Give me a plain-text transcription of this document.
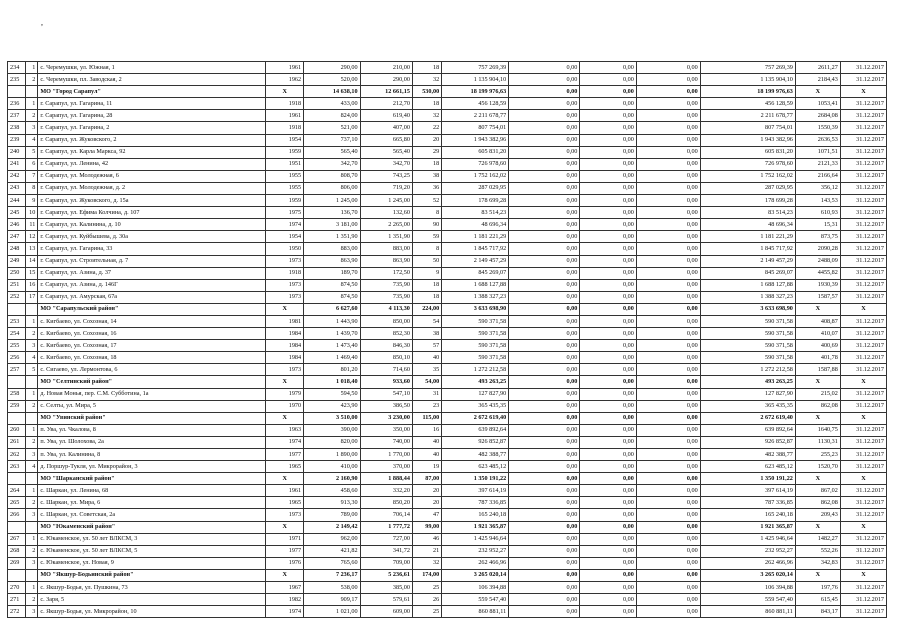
,
234	1	с. Черемушки, ул. Южная, 1	1961	290,00	210,00	18	757 269,39	0,00	0,00	0,00	757 269,39	2611,27	31.12.2017
235	2	с. Черемушки, пл. Заводская, 2	1962	520,00	290,00	32	1 135 904,10	0,00	0,00	0,00	1 135 904,10	2184,43	31.12.2017
		МО "Город Сарапул"	X	14 638,10	12 661,15	530,00	18 199 976,63	0,00	0,00	0,00	18 199 976,63	X	X
236	1	г. Сарапул, ул. Гагарина, 11	1918	433,00	212,70	18	456 128,59	0,00	0,00	0,00	456 128,59	1053,41	31.12.2017
237	2	г. Сарапул, ул. Гагарина, 28	1961	824,00	619,40	32	2 211 678,77	0,00	0,00	0,00	2 211 678,77	2684,08	31.12.2017
238	3	г. Сарапул, ул. Гагарина, 2	1918	521,00	407,00	22	807 754,01	0,00	0,00	0,00	807 754,01	1550,39	31.12.2017
239	4	г. Сарапул, ул. Жуковского, 2	1954	737,10	665,80	20	1 943 382,96	0,00	0,00	0,00	1 943 382,96	2636,53	31.12.2017
240	5	г. Сарапул, ул. Карла Маркса, 92	1959	565,40	565,40	29	605 831,20	0,00	0,00	0,00	605 831,20	1071,51	31.12.2017
241	6	г. Сарапул, ул. Ленина, 42	1951	342,70	342,70	18	726 978,60	0,00	0,00	0,00	726 978,60	2121,33	31.12.2017
242	7	г. Сарапул, ул. Молодежная, 6	1955	808,70	743,25	38	1 752 162,02	0,00	0,00	0,00	1 752 162,02	2166,64	31.12.2017
243	8	г. Сарапул, ул. Молодежная, д. 2	1955	806,00	719,20	36	287 029,95	0,00	0,00	0,00	287 029,95	356,12	31.12.2017
244	9	г. Сарапул, ул. Жуковского, д. 15а	1959	1 245,00	1 245,00	52	178 699,28	0,00	0,00	0,00	178 699,28	143,53	31.12.2017
245	10	г. Сарапул, ул. Ефима Колчина, д. 107	1975	136,70	132,60	8	83 514,23	0,00	0,00	0,00	83 514,23	610,93	31.12.2017
246	11	г. Сарапул, ул. Калинина, д. 10	1974	3 181,00	2 265,00	90	48 696,34	0,00	0,00	0,00	48 696,34	15,31	31.12.2017
247	12	г. Сарапул, ул. Куйбышева, д. 30а	1954	1 351,90	1 351,90	59	1 181 221,29	0,00	0,00	0,00	1 181 221,29	873,75	31.12.2017
248	13	г. Сарапул, ул. Гагарина, 33	1950	883,00	883,00	8	1 845 717,92	0,00	0,00	0,00	1 845 717,92	2090,28	31.12.2017
249	14	г. Сарапул, ул. Строительная, д. 7	1973	863,90	863,90	50	2 149 457,29	0,00	0,00	0,00	2 149 457,29	2488,09	31.12.2017
250	15	г. Сарапул, ул. Азина, д. 37	1918	189,70	172,50	9	845 269,07	0,00	0,00	0,00	845 269,07	4455,82	31.12.2017
251	16	г. Сарапул, ул. Азина, д. 146Г	1973	874,50	735,90	18	1 688 127,88	0,00	0,00	0,00	1 688 127,88	1930,39	31.12.2017
252	17	г. Сарапул, ул. Амурская, 67а	1973	874,50	735,90	18	1 388 327,23	0,00	0,00	0,00	1 388 327,23	1587,57	31.12.2017
		МО "Сарапульский район"	X	6 627,60	4 113,30	224,00	3 633 698,90	0,00	0,00	0,00	3 633 698,90	X	X
253	1	с. Кигбаево, ул. Сохозная, 14	1981	1 443,90	850,00	54	590 371,58	0,00	0,00	0,00	590 371,58	408,87	31.12.2017
254	2	с. Кигбаево, ул. Сохозная, 16	1984	1 439,70	852,30	38	590 371,58	0,00	0,00	0,00	590 371,58	410,07	31.12.2017
255	3	с. Кигбаево, ул. Сохозная, 17	1984	1 473,40	846,30	57	590 371,58	0,00	0,00	0,00	590 371,58	400,69	31.12.2017
256	4	с. Кигбаево, ул. Сохозная, 18	1984	1 469,40	850,10	40	590 371,58	0,00	0,00	0,00	590 371,58	401,78	31.12.2017
257	5	с. Сигаево, ул. Лермонтова, 6	1973	801,20	714,60	35	1 272 212,58	0,00	0,00	0,00	1 272 212,58	1587,88	31.12.2017
		МО "Селтинский район"	X	1 018,40	933,60	54,00	493 263,25	0,00	0,00	0,00	493 263,25	X	X
258	1	д. Новая Монья, пер. С.М. Субботина, 1а	1979	594,50	547,10	31	127 827,90	0,00	0,00	0,00	127 827,90	215,02	31.12.2017
259	2	с. Селты, ул. Мира, 5	1970	423,90	386,50	23	365 435,35	0,00	0,00	0,00	365 435,35	862,08	31.12.2017
		МО "Увинский район"	X	3 510,00	3 230,00	115,00	2 672 619,40	0,00	0,00	0,00	2 672 619,40	X	X
260	1	п. Ува, ул. Чкалова, 8	1963	390,00	350,00	16	639 892,64	0,00	0,00	0,00	639 892,64	1640,75	31.12.2017
261	2	п. Ува, ул. Шолохова, 2а	1974	820,00	740,00	40	926 852,87	0,00	0,00	0,00	926 852,87	1130,31	31.12.2017
262	3	п. Ува, ул. Калинина, 8	1977	1 890,00	1 770,00	40	482 388,77	0,00	0,00	0,00	482 388,77	255,23	31.12.2017
263	4	д. Поршур-Тукля, ул. Микрорайон, 3	1965	410,00	370,00	19	623 485,12	0,00	0,00	0,00	623 485,12	1520,70	31.12.2017
		МО "Шарканский район"	X	2 160,90	1 888,44	87,00	1 350 191,22	0,00	0,00	0,00	1 350 191,22	X	X
264	1	с. Шаркан, ул. Ленина, 68	1961	458,60	332,20	20	397 614,19	0,00	0,00	0,00	397 614,19	867,02	31.12.2017
265	2	с. Шаркан, ул. Мира, 6	1965	913,30	850,20	20	787 336,85	0,00	0,00	0,00	787 336,85	862,08	31.12.2017
266	3	с. Шаркан, ул. Советская, 2а	1973	789,00	706,14	47	165 240,18	0,00	0,00	0,00	165 240,18	209,43	31.12.2017
		МО "Юкаменский район"	X	2 149,42	1 777,72	99,00	1 921 365,87	0,00	0,00	0,00	1 921 365,87	X	X
267	1	с. Юкаменское, ул. 50 лет ВЛКСМ, 3	1971	962,00	727,00	46	1 425 946,64	0,00	0,00	0,00	1 425 946,64	1482,27	31.12.2017
268	2	с. Юкаменское, ул. 50 лет ВЛКСМ, 5	1977	421,82	341,72	21	232 952,27	0,00	0,00	0,00	232 952,27	552,26	31.12.2017
269	3	с. Юкаменское, ул. Новая, 9	1976	765,60	709,00	32	262 466,96	0,00	0,00	0,00	262 466,96	342,83	31.12.2017
		МО "Якшур-Бодьинский район"	X	7 236,17	5 236,61	174,00	3 265 020,14	0,00	0,00	0,00	3 265 020,14	X	X
270	1	с. Якшур-Бодья, ул. Пушкина, 73	1967	538,00	385,00	25	106 394,88	0,00	0,00	0,00	106 394,88	197,76	31.12.2017
271	2	с. Заря, 5	1982	909,17	579,61	26	559 547,40	0,00	0,00	0,00	559 547,40	615,45	31.12.2017
272	3	с. Якшур-Бодья, ул. Микрорайон, 10	1974	1 021,00	609,00	25	860 881,11	0,00	0,00	0,00	860 881,11	843,17	31.12.2017
